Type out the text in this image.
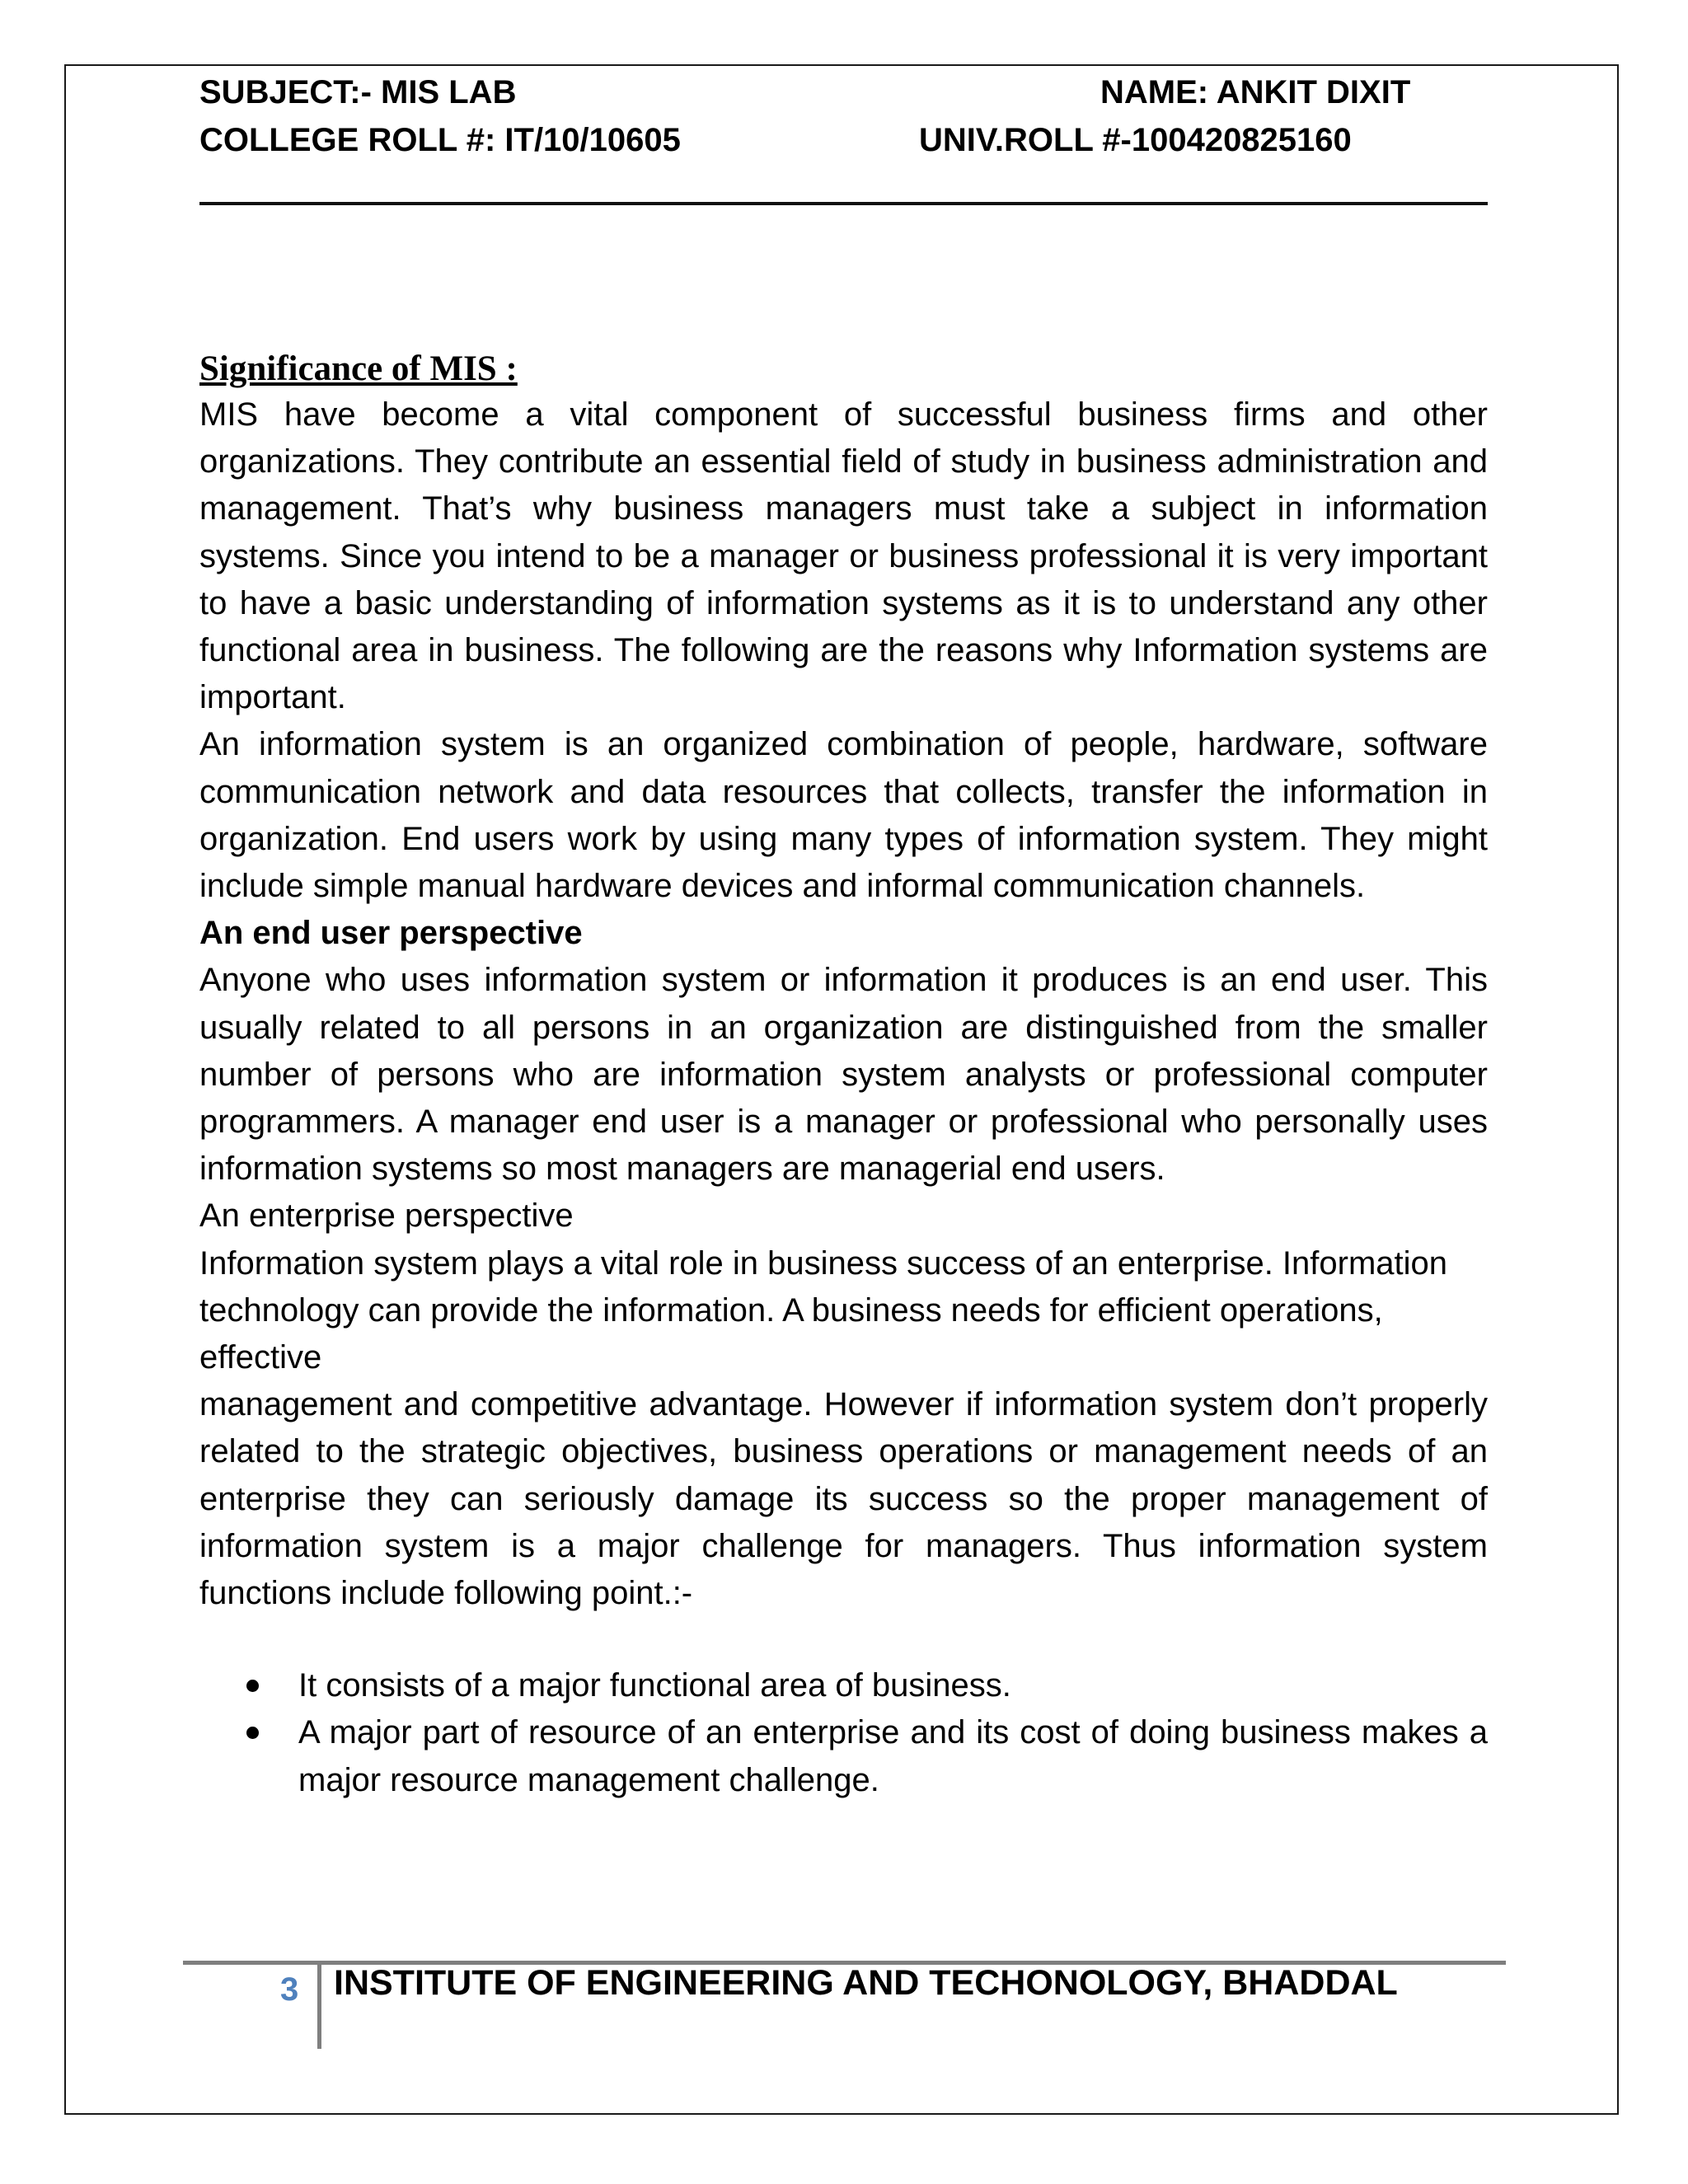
SUBJECT:- MIS LAB	NAME: ANKIT DIXIT
COLLEGE ROLL #: IT/10/10605	UNIV.ROLL #-100420825160

Significance of MIS :

MIS have become a vital component of successful business firms and other organizations. They contribute an essential field of study in business administration and management. That’s why business managers must take a subject in information systems. Since you intend to be a manager or business professional it is very important to have a basic understanding of information systems as it is to understand any other functional area in business. The following are the reasons why Information systems are important.

An information system is an organized combination of people, hardware, software communication network and data resources that collects, transfer the information in organization. End users work by using many types of information system. They might include simple manual hardware devices and informal communication channels.

An end user perspective

Anyone who uses information system or information it produces is an end user. This usually related to all persons in an organization are distinguished from the smaller number of persons who are information system analysts or professional computer programmers. A manager end user is a manager or professional who personally uses information systems so most managers are managerial end users.

An enterprise perspective

Information system plays a vital role in business success of an enterprise. Information technology can provide the information. A business needs for efficient operations, effective

management and competitive advantage. However if information system don’t properly related to the strategic objectives, business operations or management needs of an enterprise they can seriously damage its success so the proper management of information system is a major challenge for managers. Thus information system functions include following point.:-

It consists of a major functional area of business.
A major part of resource of an enterprise and its cost of doing business makes a major resource management challenge.
3 INSTITUTE OF ENGINEERING AND TECHONOLOGY, BHADDAL
